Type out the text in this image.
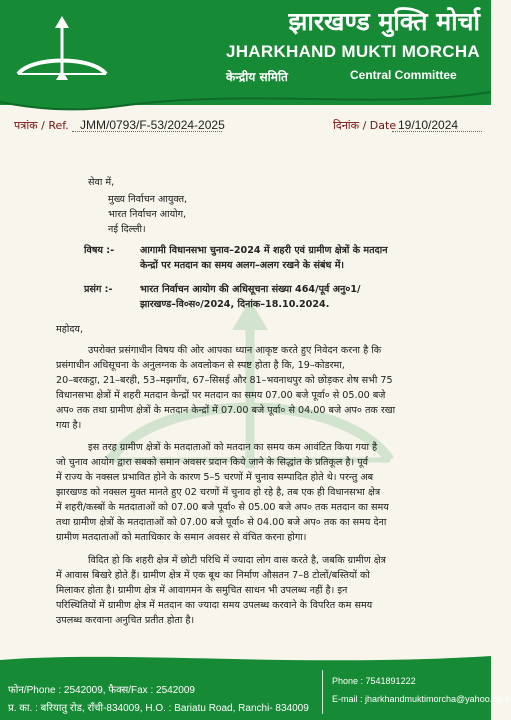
झारखण्ड मुक्ति मोर्चा
JHARKHAND MUKTI MORCHA
केन्द्रीय समिति	Central Committee
पत्रांक / Ref. JMM/0793/F-53/2024-2025	दिनांक / Date 19/10/2024
सेवा में,
मुख्य निर्वाचन आयुक्त,
भारत निर्वाचन आयोग,
नई दिल्ली।
विषय :-	आगामी विधानसभा चुनाव–2024 में शहरी एवं ग्रामीण क्षेत्रों के मतदान
केन्द्रों पर मतदान का समय अलग–अलग रखने के संबंध में।
प्रसंग :-	भारत निर्वाचन आयोग की अधिसूचना संख्या 464/पूर्व अनु०1/
झारखण्ड–वि०स०/2024, दिनांक–18.10.2024.
महोदय,
उपरोक्त प्रसंगाधीन विषय की ओर आपका ध्यान आकृष्ट करते हुए निवेदन करना है कि
प्रसंगाधीन अधिसूचना के अनुलग्नक के अवलोकन से स्पष्ट होता है कि, 19–कोडरमा,
20–बरकट्ठा, 21–बरही, 53–मझगाँव, 67–सिसई और 81–भवनाथपुर को छोड़कर शेष सभी 75
विधानसभा क्षेत्रों में शहरी मतदान केन्द्रों पर मतदान का समय 07.00 बजे पूर्वा० से 05.00 बजे
अप० तक तथा ग्रामीण क्षेत्रों के मतदान केन्द्रों में 07.00 बजे पूर्वा० से 04.00 बजे अप० तक रखा
गया है।
इस तरह ग्रामीण क्षेत्रों के मतदाताओं को मतदान का समय कम आवंटित किया गया है
जो चुनाव आयोग द्वारा सबको समान अवसर प्रदान किये जाने के सिद्धांत के प्रतिकूल है। पूर्व
में राज्य के नक्सल प्रभावित होने के कारण 5–5 चरणों में चुनाव सम्पादित होते थे। परन्तु अब
झारखण्ड को नक्सल मुक्त मानते हुए 02 चरणों में चुनाव हो रहे है, तब एक ही विधानसभा क्षेत्र
में शहरी/कस्बों के मतदाताओं को 07.00 बजे पूर्वा० से 05.00 बजे अप० तक मतदान का समय
तथा ग्रामीण क्षेत्रों के मतदाताओं को 07.00 बजे पूर्वा० से 04.00 बजे अप० तक का समय देना
ग्रामीण मतदाताओं को मताधिकार के समान अवसर से वंचित करना होगा।
विदित हो कि शहरी क्षेत्र में छोटी परिधि में ज्यादा लोग वास करते है, जबकि ग्रामीण क्षेत्र
में आवास बिखरे होते हैं। ग्रामीण क्षेत्र में एक बूथ का निर्माण औसतन 7–8 टोलों/बस्तियों को
मिलाकर होता है। ग्रामीण क्षेत्र में आवागमन के समुचित साधन भी उपलब्ध नहीं है। इन
परिस्थितियों में ग्रामीण क्षेत्र में मतदान का ज्यादा समय उपलब्ध करवाने के विपरित कम समय
उपलब्ध करवाना अनुचित प्रतीत होता है।
फोन/Phone : 2542009, फैक्स/Fax : 2542009
प्र. का. : बरियातु रोड, राँची-834009, H.O. : Bariatu Road, Ranchi- 834009
Phone : 7541891222
E-mail : jharkhandmuktimorcha@yahoo.co.in
